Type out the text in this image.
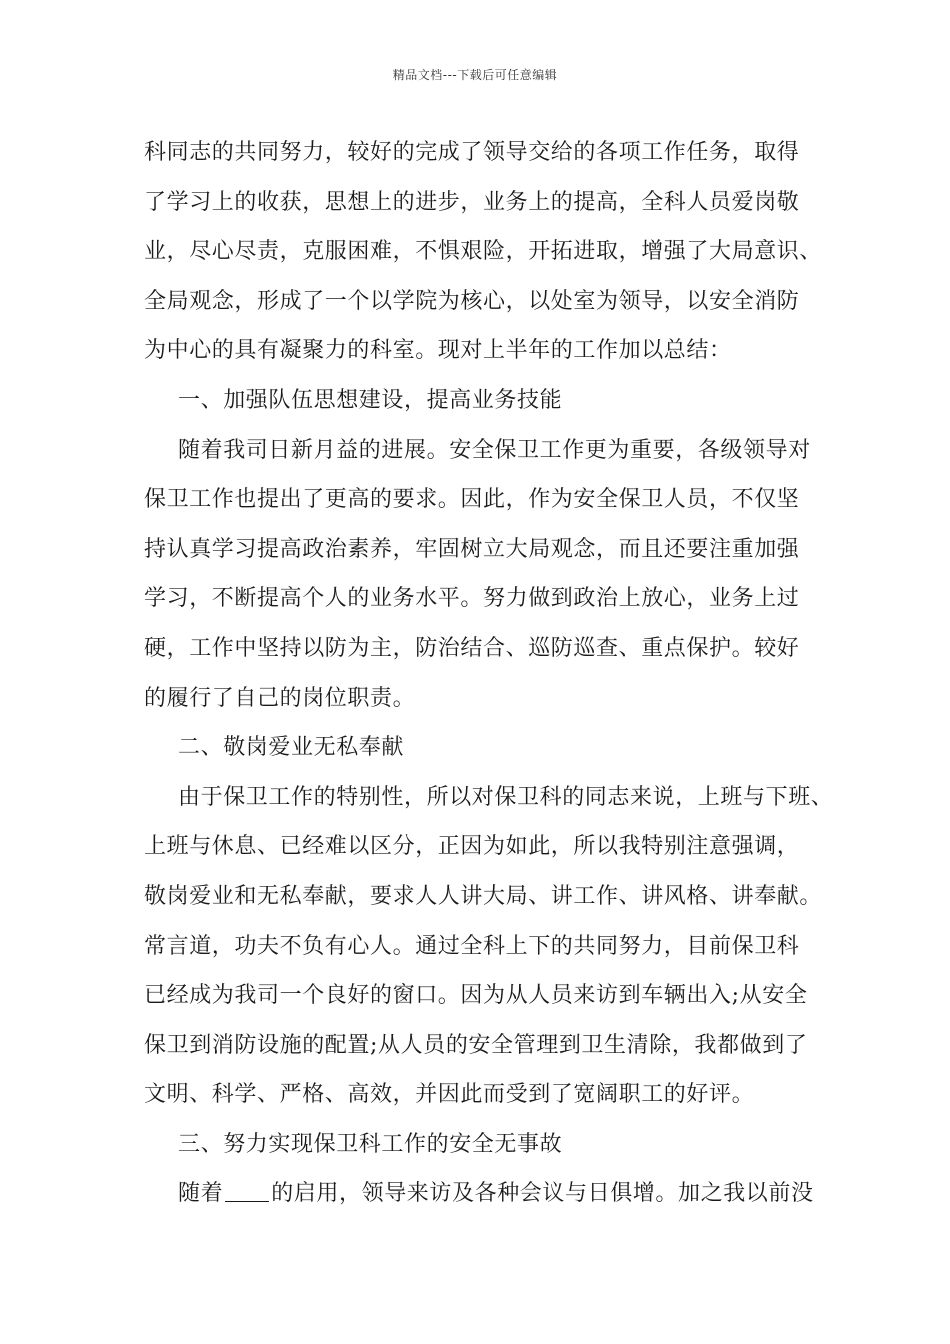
精品文档---下载后可任意编辑
科同志的共同努力，较好的完成了领导交给的各项工作任务，取得
了学习上的收获，思想上的进步，业务上的提高，全科人员爱岗敬
业，尽心尽责，克服困难，不惧艰险，开拓进取，增强了大局意识、
全局观念，形成了一个以学院为核心，以处室为领导，以安全消防
为中心的具有凝聚力的科室。现对上半年的工作加以总结：
一、加强队伍思想建设，提高业务技能
随着我司日新月益的进展。安全保卫工作更为重要，各级领导对
保卫工作也提出了更高的要求。因此，作为安全保卫人员，不仅坚
持认真学习提高政治素养，牢固树立大局观念，而且还要注重加强
学习，不断提高个人的业务水平。努力做到政治上放心，业务上过
硬，工作中坚持以防为主，防治结合、巡防巡查、重点保护。较好
的履行了自己的岗位职责。
二、敬岗爱业无私奉献
由于保卫工作的特别性，所以对保卫科的同志来说，上班与下班、
上班与休息、已经难以区分，正因为如此，所以我特别注意强调，
敬岗爱业和无私奉献，要求人人讲大局、讲工作、讲风格、讲奉献。
常言道，功夫不负有心人。通过全科上下的共同努力，目前保卫科
已经成为我司一个良好的窗口。因为从人员来访到车辆出入;从安全
保卫到消防设施的配置;从人员的安全管理到卫生清除，我都做到了
文明、科学、严格、高效，并因此而受到了宽阔职工的好评。
三、努力实现保卫科工作的安全无事故
随着 的启用，领导来访及各种会议与日俱增。加之我以前没
